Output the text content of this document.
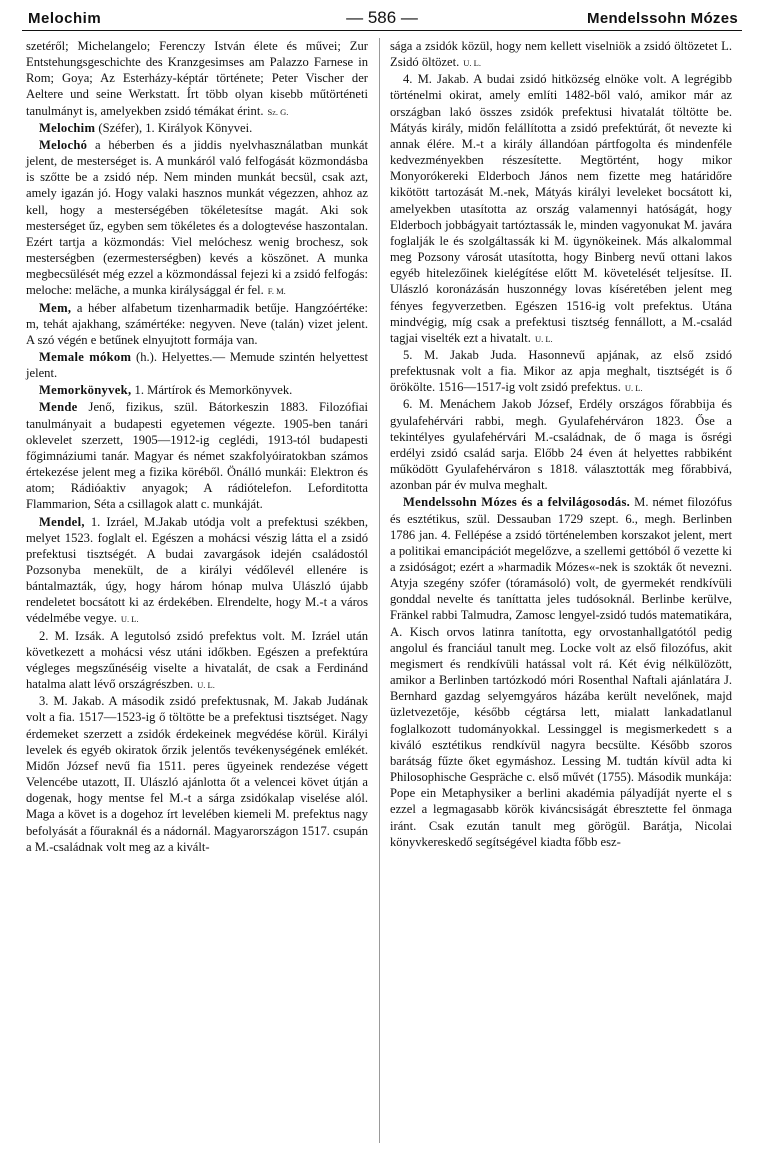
Melochim	— 586 —	Mendelssohn Mózes

szetéről; Michelangelo; Ferenczy István élete és művei; Zur Entstehungsgeschichte des Kranzgesimses am Palazzo Farnese in Rom; Goya; Az Esterházy-képtár története; Peter Vischer der Aeltere und seine Werkstatt. Írt több olyan kisebb műtörténeti tanulmányt is, amelyekben zsidó témákat érint. Sz. G.

Melochim (Széfer), 1. Királyok Könyvei.

Melochó a héberben és a jiddis nyelvhasználatban munkát jelent, de mesterséget is. A munkáról való felfogását közmondásba is szőtte be a zsidó nép. Nem minden munkát becsül, csak azt, amely igazán jó. Hogy valaki hasznos munkát végezzen, ahhoz az kell, hogy a mesterségében tökéletesítse magát. Aki sok mesterséget űz, egyben sem tökéletes és a dologtevése haszontalan. Ezért tartja a közmondás: Viel melóchesz wenig brochesz, sok mesterségben (ezermesterségben) kevés a köszönet. A munka megbecsülését még ezzel a közmondással fejezi ki a zsidó felfogás: meloche: meläche, a munka királysággal ér fel. F. M.

Mem, a héber alfabetum tizenharmadik betűje. Hangzóértéke: m, tehát ajakhang, számértéke: negyven. Neve (talán) vizet jelent. A szó végén e betűnek elnyujtott formája van.

Memale mókom (h.). Helyettes.— Memude szintén helyettest jelent.

Memorkönyvek, 1. Mártírok és Memorkönyvek.

Mende Jenő, fizikus, szül. Bátorkeszin 1883. Filozófiai tanulmányait a budapesti egyetemen végezte. 1905-ben tanári oklevelet szerzett, 1905—1912-ig ceglédi, 1913-tól budapesti főgimnáziumi tanár. Magyar és német szakfolyóiratokban számos értekezése jelent meg a fizika köréből. Önálló munkái: Elektron és atom; Rádióaktiv anyagok; A rádiótelefon. Leforditotta Flammarion, Séta a csillagok alatt c. munkáját.

Mendel, 1. Izráel, M.Jakab utódja volt a prefektusi székben, melyet 1523. foglalt el. Egészen a mohácsi vészig látta el a zsidó prefektusi tisztségét. A budai zavargások idején családostól Pozsonyba menekült, de a királyi védőlevél ellenére is bántalmazták, úgy, hogy három hónap mulva Ulászló újabb rendeletet bocsátott ki az érdekében. Elrendelte, hogy M.-t a város védelmébe vegye. U. L.

2. M. Izsák. A legutolsó zsidó prefektus volt. M. Izráel után következett a mohácsi vész utáni időkben. Egészen a prefektúra végleges megszűnéséig viselte a hivatalát, de csak a Ferdinánd hatalma alatt lévő országrészben. U. L.

3. M. Jakab. A második zsidó prefektusnak, M. Jakab Judának volt a fia. 1517—1523-ig ő töltötte be a prefektusi tisztséget. Nagy érdemeket szerzett a zsidók érdekeinek megvédése körül. Királyi levelek és egyéb okiratok őrzik jelentős tevékenységének emlékét. Midőn József nevű fia 1511. peres ügyeinek rendezése végett Velencébe utazott, II. Ulászló ajánlotta őt a velencei követ útján a dogenak, hogy mentse fel M.-t a sárga zsidókalap viselése alól. Maga a követ is a dogehoz írt levelében kiemeli M. prefektus nagy befolyását a főuraknál és a nádornál. Magyarországon 1517. csupán a M.-családnak volt meg az a kivált-

sága a zsidók közül, hogy nem kellett viselniök a zsidó öltözetet L. Zsidó öltözet. U. L.

4. M. Jakab. A budai zsidó hitközség elnöke volt. A legrégibb történelmi okirat, amely említi 1482-ből való, amikor már az országban lakó összes zsidók prefektusi hivatalát töltötte be. Mátyás király, midőn felállította a zsidó prefektúrát, őt nevezte ki annak élére. M.-t a király állandóan pártfogolta és mindenféle kedvezményekben részesítette. Megtörtént, hogy mikor Monyorókereki Elderboch János nem fizette meg határidőre kikötött tartozását M.-nek, Mátyás királyi leveleket bocsátott ki, amelyekben utasította az ország valamennyi hatóságát, hogy Elderboch jobbágyait tartóztassák le, minden vagyonukat M. javára foglalják le és szolgáltassák ki M. ügynökeinek. Más alkalommal meg Pozsony városát utasította, hogy Binberg nevű ottani lakos egyéb hitelezőinek kielégítése előtt M. követelését teljesítse. II. Ulászló koronázásán huszonnégy lovas kíséretében jelent meg fényes fegyverzetben. Egészen 1516-ig volt prefektus. Utána mindvégig, míg csak a prefektusi tisztség fennállott, a M.-család tagjai viselték ezt a hivatalt. U. L.

5. M. Jakab Juda. Hasonnevű apjának, az első zsidó prefektusnak volt a fia. Mikor az apja meghalt, tisztségét is ő örökölte. 1516—1517-ig volt zsidó prefektus. U. L.

6. M. Menáchem Jakob József, Erdély országos főrabbija és gyulafehérvári rabbi, megh. Gyulafehérváron 1823. Őse a tekintélyes gyulafehérvári M.-családnak, de ő maga is ősrégi erdélyi zsidó család sarja. Előbb 24 éven át helyettes rabbiként működött Gyulafehérváron s 1818. választották meg főrabbivá, azonban pár év mulva meghalt.

Mendelssohn Mózes és a felvilágosodás. M. német filozófus és esztétikus, szül. Dessauban 1729 szept. 6., megh. Berlinben 1786 jan. 4. Fellépése a zsidó történelemben korszakot jelent, mert a politikai emancipációt megelőzve, a szellemi gettóból ő vezette ki a zsidóságot; ezért a »harmadik Mózes«-nek is szokták őt nevezni. Atyja szegény szófer (tóramásoló) volt, de gyermekét rendkívüli gonddal nevelte és taníttatta jeles tudósoknál. Berlinbe kerülve, Fränkel rabbi Talmudra, Zamosc lengyel-zsidó tudós matematikára, A. Kisch orvos latinra tanította, egy orvostanhallgatótól pedig angolul és franciául tanult meg. Locke volt az első filozófus, akit megismert és rendkívüli hatással volt rá. Két évig nélkülözött, amikor a Berlinben tartózkodó móri Rosenthal Naftali ajánlatára J. Bernhard gazdag selyemgyáros házába került nevelőnek, majd üzletvezetője, később cégtársa lett, mialatt lankadatlanul foglalkozott tudományokkal. Lessinggel is megismerkedett s a kiváló esztétikus rendkívül nagyra becsülte. Később szoros barátság fűzte őket egymáshoz. Lessing M. tudtán kívül adta ki Philosophische Gespräche c. első művét (1755). Második munkája: Pope ein Metaphysiker a berlini akadémia pályadíját nyerte el s ezzel a legmagasabb körök kiváncsiságát ébresztette fel önmaga iránt. Csak ezután tanult meg görögül. Barátja, Nicolai könyvkereskedő segítségével kiadta főbb esz-
